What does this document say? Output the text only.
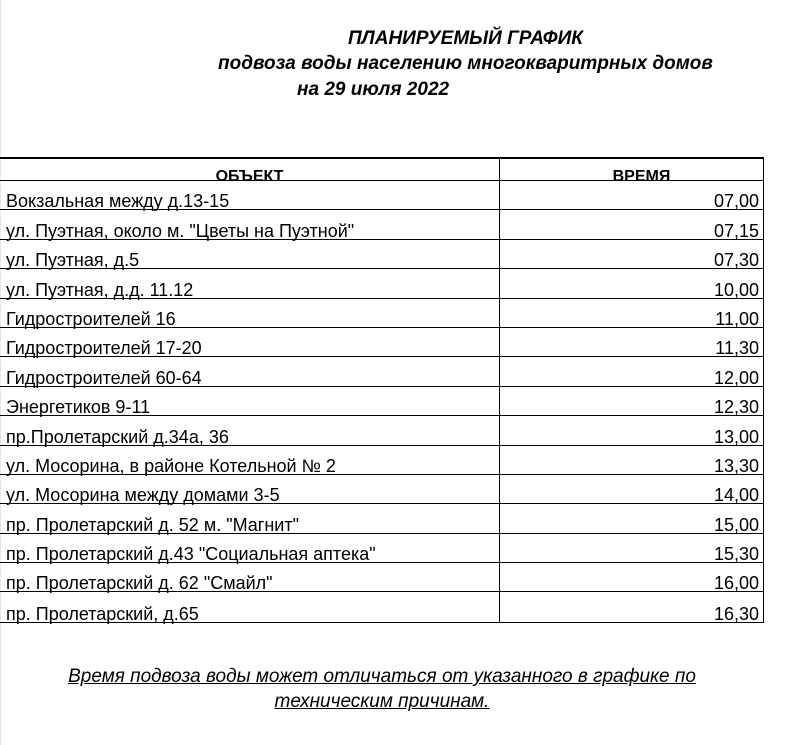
ПЛАНИРУЕМЫЙ ГРАФИК
подвоза воды населению многокваритрных домов
на 29 июля 2022
ОБЪЕКТ	ВРЕМЯ
Вокзальная между д.13-15	07,00
ул. Пуэтная, около м. "Цветы на Пуэтной"	07,15
ул. Пуэтная, д.5	07,30
ул. Пуэтная, д.д. 11.12	10,00
Гидростроителей 16	11,00
Гидростроителей 17-20	11,30
Гидростроителей 60-64	12,00
Энергетиков 9-11	12,30
пр.Пролетарский д.34а, 36	13,00
ул. Мосорина, в районе Котельной № 2	13,30
ул. Мосорина между домами 3-5	14,00
пр. Пролетарский д. 52 м. "Магнит"	15,00
пр. Пролетарский д.43 "Социальная аптека"	15,30
пр. Пролетарский д. 62 "Смайл"	16,00
пр. Пролетарский, д.65	16,30
Время подвоза воды может отличаться от указанного в графике по
техническим причинам.
